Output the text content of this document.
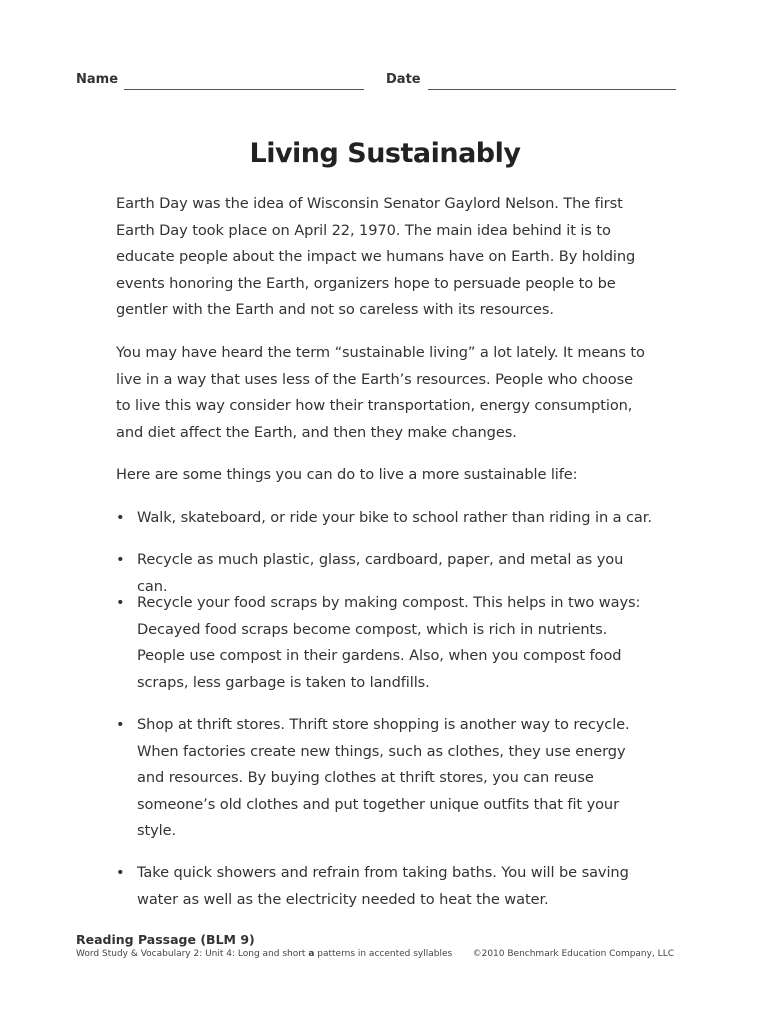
Name	Date
Living Sustainably

Earth Day was the idea of Wisconsin Senator Gaylord Nelson. The first Earth Day took place on April 22, 1970. The main idea behind it is to educate people about the impact we humans have on Earth. By holding events honoring the Earth, organizers hope to persuade people to be gentler with the Earth and not so careless with its resources.

You may have heard the term “sustainable living” a lot lately. It means to live in a way that uses less of the Earth’s resources. People who choose to live this way consider how their transportation, energy consumption, and diet affect the Earth, and then they make changes.

Here are some things you can do to live a more sustainable life:

• Walk, skateboard, or ride your bike to school rather than riding in a car.
• Recycle as much plastic, glass, cardboard, paper, and metal as you can.
• Recycle your food scraps by making compost. This helps in two ways: Decayed food scraps become compost, which is rich in nutrients. People use compost in their gardens. Also, when you compost food scraps, less garbage is taken to landfills.
• Shop at thrift stores. Thrift store shopping is another way to recycle. When factories create new things, such as clothes, they use energy and resources. By buying clothes at thrift stores, you can reuse someone’s old clothes and put together unique outfits that fit your style.
• Take quick showers and refrain from taking baths. You will be saving water as well as the electricity needed to heat the water.
Reading Passage (BLM 9)
Word Study & Vocabulary 2: Unit 4: Long and short a patterns in accented syllables ©2010 Benchmark Education Company, LLC
